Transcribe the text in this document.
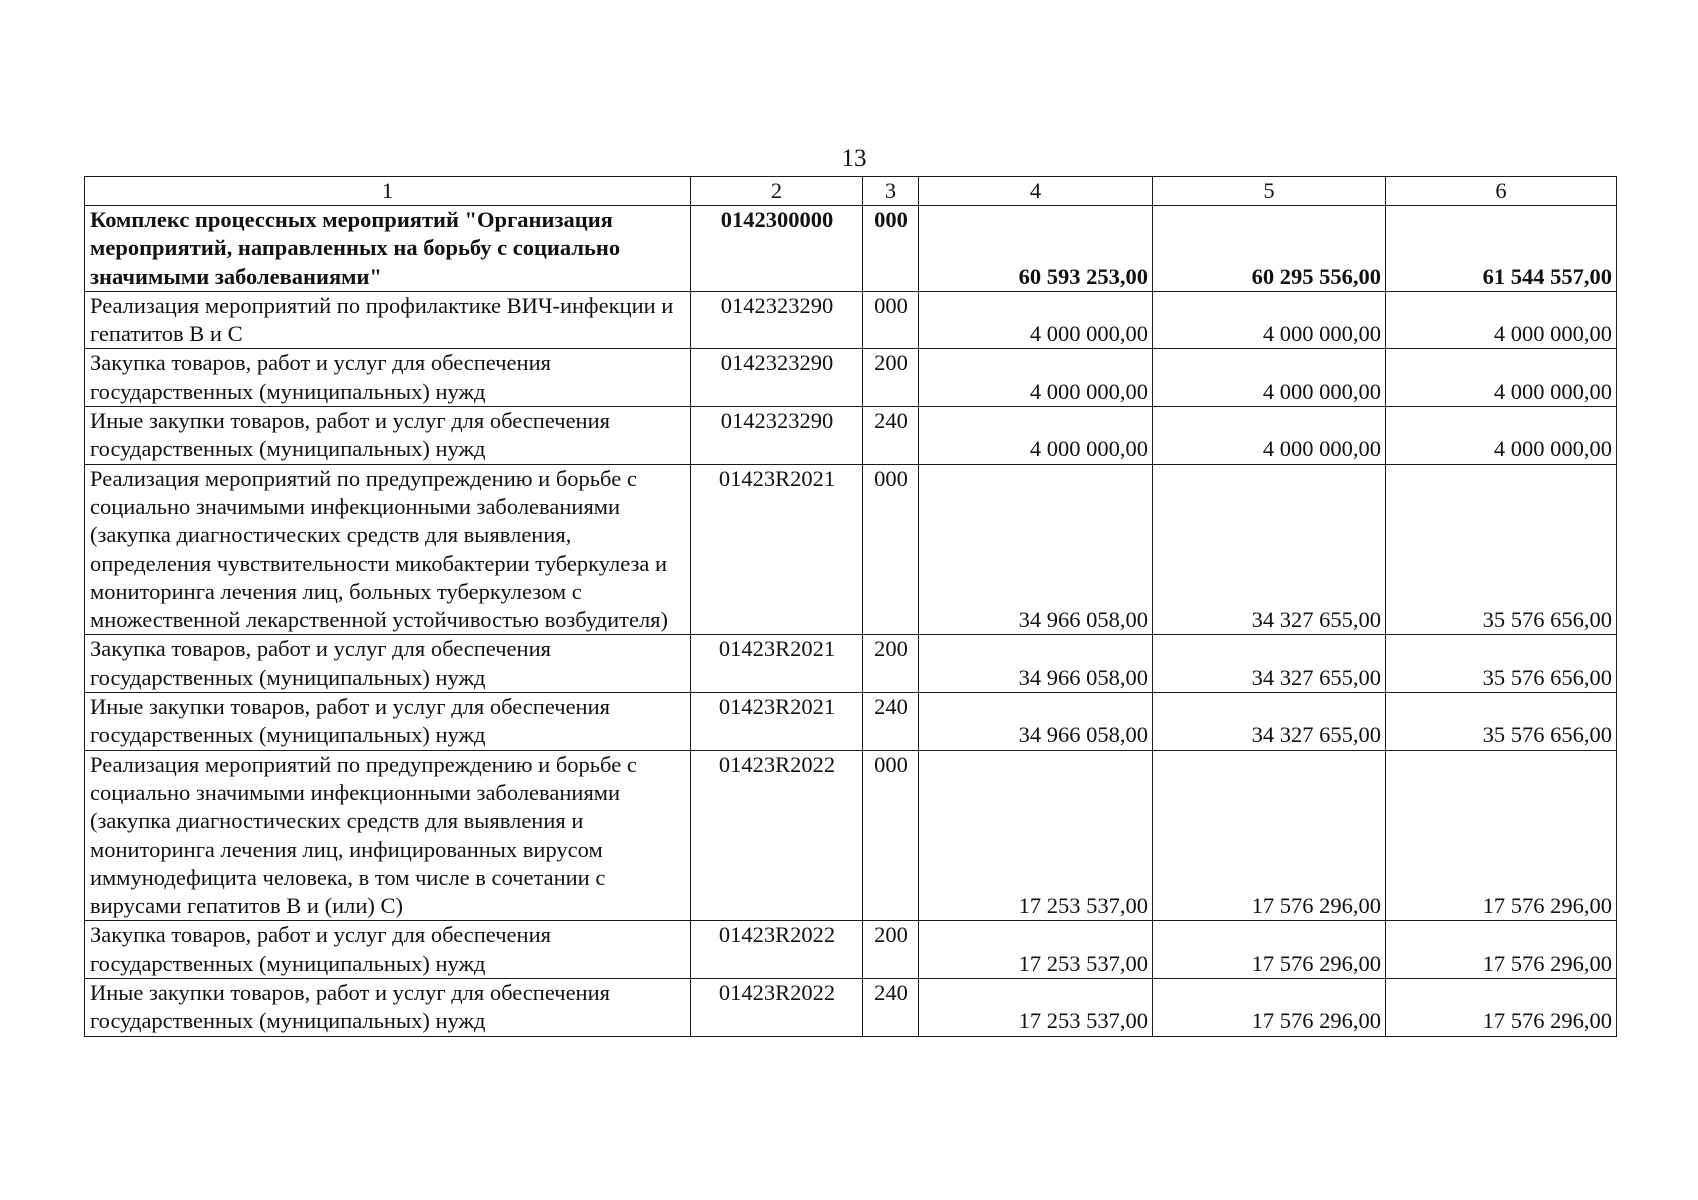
13
1	2	3	4	5	6
Комплекс процессных мероприятий "Организация мероприятий, направленных на борьбу с социально значимыми заболеваниями"	0142300000	000	60 593 253,00	60 295 556,00	61 544 557,00
Реализация мероприятий по профилактике ВИЧ-инфекции и гепатитов В и С	0142323290	000	4 000 000,00	4 000 000,00	4 000 000,00
Закупка товаров, работ и услуг для обеспечения государственных (муниципальных) нужд	0142323290	200	4 000 000,00	4 000 000,00	4 000 000,00
Иные закупки товаров, работ и услуг для обеспечения государственных (муниципальных) нужд	0142323290	240	4 000 000,00	4 000 000,00	4 000 000,00
Реализация мероприятий по предупреждению и борьбе с социально значимыми инфекционными заболеваниями (закупка диагностических средств для выявления, определения чувствительности микобактерии туберкулеза и мониторинга лечения лиц, больных туберкулезом с множественной лекарственной устойчивостью возбудителя)	01423R2021	000	34 966 058,00	34 327 655,00	35 576 656,00
Закупка товаров, работ и услуг для обеспечения государственных (муниципальных) нужд	01423R2021	200	34 966 058,00	34 327 655,00	35 576 656,00
Иные закупки товаров, работ и услуг для обеспечения государственных (муниципальных) нужд	01423R2021	240	34 966 058,00	34 327 655,00	35 576 656,00
Реализация мероприятий по предупреждению и борьбе с социально значимыми инфекционными заболеваниями (закупка диагностических средств для выявления и мониторинга лечения лиц, инфицированных вирусом иммунодефицита человека, в том числе в сочетании с вирусами гепатитов В и (или) С)	01423R2022	000	17 253 537,00	17 576 296,00	17 576 296,00
Закупка товаров, работ и услуг для обеспечения государственных (муниципальных) нужд	01423R2022	200	17 253 537,00	17 576 296,00	17 576 296,00
Иные закупки товаров, работ и услуг для обеспечения государственных (муниципальных) нужд	01423R2022	240	17 253 537,00	17 576 296,00	17 576 296,00
